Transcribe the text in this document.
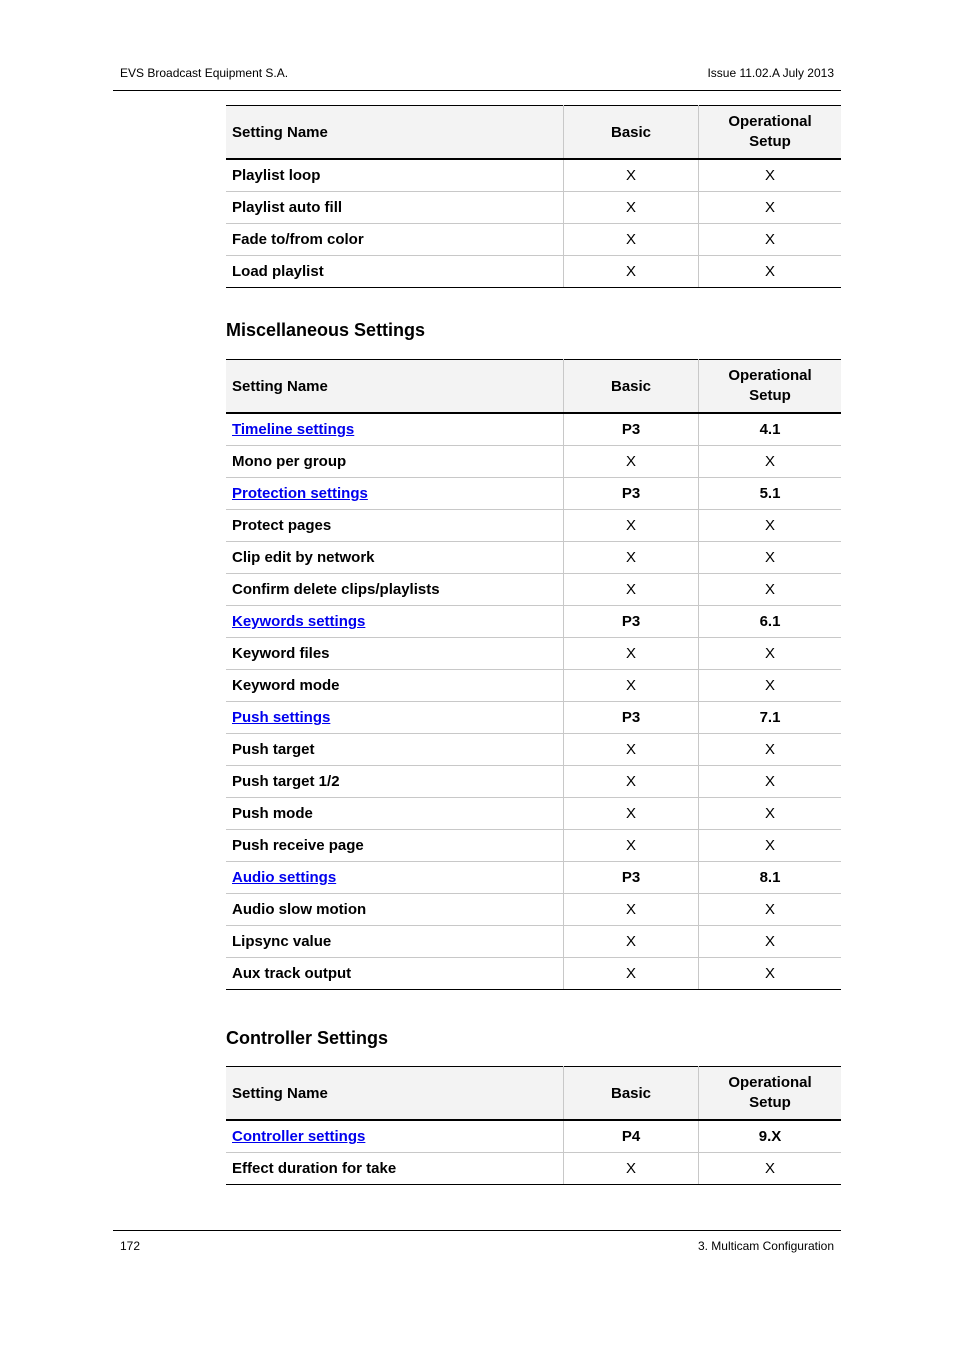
EVS Broadcast Equipment S.A.	Issue 11.02.A July 2013
Setting Name	Basic	Operational
Setup
Playlist loop	X	X
Playlist auto fill	X	X
Fade to/from color	X	X
Load playlist	X	X
Miscellaneous Settings
Setting Name	Basic	Operational
Setup
Timeline settings	P3	4.1
Mono per group	X	X
Protection settings	P3	5.1
Protect pages	X	X
Clip edit by network	X	X
Confirm delete clips/playlists	X	X
Keywords settings	P3	6.1
Keyword files	X	X
Keyword mode	X	X
Push settings	P3	7.1
Push target	X	X
Push target 1/2	X	X
Push mode	X	X
Push receive page	X	X
Audio settings	P3	8.1
Audio slow motion	X	X
Lipsync value	X	X
Aux track output	X	X
Controller Settings
Setting Name	Basic	Operational
Setup
Controller settings	P4	9.X
Effect duration for take	X	X
172	3. Multicam Configuration
